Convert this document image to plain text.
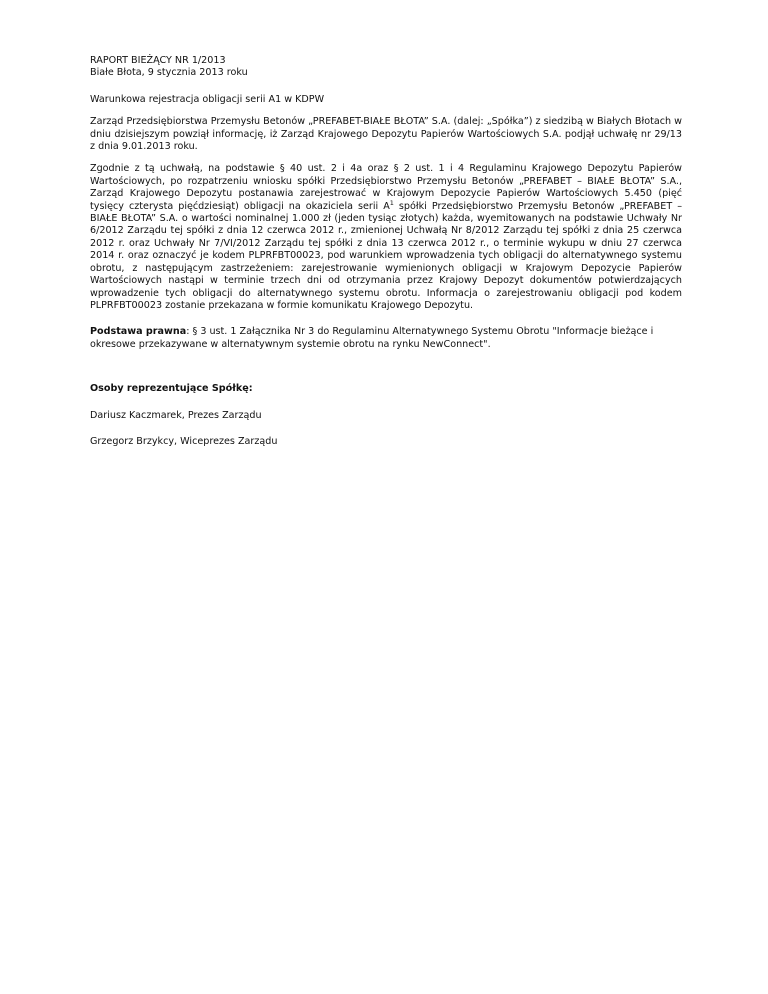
RAPORT BIEŻĄCY NR 1/2013
Białe Błota, 9 stycznia 2013 roku
Warunkowa rejestracja obligacji serii A1 w KDPW

Zarząd Przedsiębiorstwa Przemysłu Betonów „PREFABET-BIAŁE BŁOTA” S.A. (dalej: „Spółka”) z siedzibą w Białych Błotach w dniu dzisiejszym powziął informację, iż Zarząd Krajowego Depozytu Papierów Wartościowych S.A. podjął uchwałę nr 29/13 z dnia 9.01.2013 roku.

Zgodnie z tą uchwałą, na podstawie § 40 ust. 2 i 4a oraz § 2 ust. 1 i 4 Regulaminu Krajowego Depozytu Papierów Wartościowych, po rozpatrzeniu wniosku spółki Przedsiębiorstwo Przemysłu Betonów „PREFABET – BIAŁE BŁOTA” S.A., Zarząd Krajowego Depozytu postanawia zarejestrować w Krajowym Depozycie Papierów Wartościowych 5.450 (pięć tysięcy czterysta pięćdziesiąt) obligacji na okaziciela serii $A^1$ spółki Przedsiębiorstwo Przemysłu Betonów „PREFABET – BIAŁE BŁOTA” S.A. o wartości nominalnej 1.000 zł (jeden tysiąc złotych) każda, wyemitowanych na podstawie Uchwały Nr 6/2012 Zarządu tej spółki z dnia 12 czerwca 2012 r., zmienionej Uchwałą Nr 8/2012 Zarządu tej spółki z dnia 25 czerwca 2012 r. oraz Uchwały Nr 7/VI/2012 Zarządu tej spółki z dnia 13 czerwca 2012 r., o terminie wykupu w dniu 27 czerwca 2014 r. oraz oznaczyć je kodem PLPRFBT00023, pod warunkiem wprowadzenia tych obligacji do alternatywnego systemu obrotu, z następującym zastrzeżeniem: zarejestrowanie wymienionych obligacji w Krajowym Depozycie Papierów Wartościowych nastąpi w terminie trzech dni od otrzymania przez Krajowy Depozyt dokumentów potwierdzających wprowadzenie tych obligacji do alternatywnego systemu obrotu. Informacja o zarejestrowaniu obligacji pod kodem PLPRFBT00023 zostanie przekazana w formie komunikatu Krajowego Depozytu.

Podstawa prawna: § 3 ust. 1 Załącznika Nr 3 do Regulaminu Alternatywnego Systemu Obrotu "Informacje bieżące i okresowe przekazywane w alternatywnym systemie obrotu na rynku NewConnect".

Osoby reprezentujące Spółkę:
Dariusz Kaczmarek, Prezes Zarządu
Grzegorz Brzykcy, Wiceprezes Zarządu
